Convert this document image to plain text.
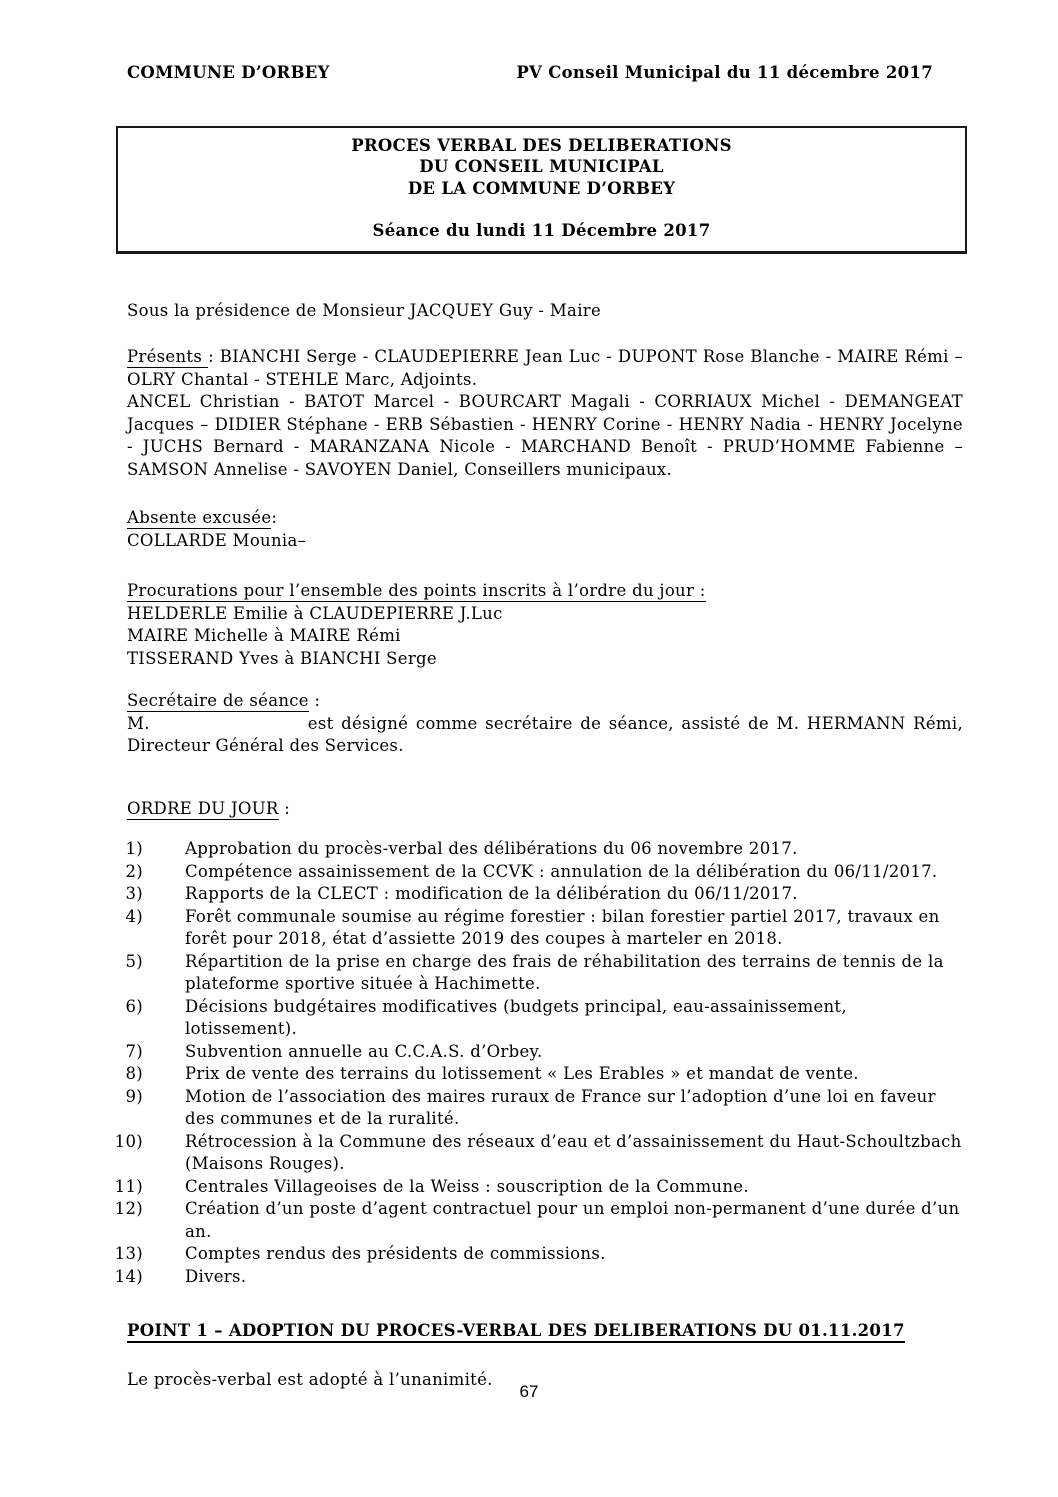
COMMUNE D’ORBEY	PV Conseil Municipal du 11 décembre 2017
PROCES VERBAL DES DELIBERATIONS
DU CONSEIL MUNICIPAL
DE LA COMMUNE D’ORBEY
Séance du lundi 11 Décembre 2017
Sous la présidence de Monsieur JACQUEY Guy - Maire
Présents : BIANCHI Serge - CLAUDEPIERRE Jean Luc - DUPONT Rose Blanche - MAIRE Rémi – OLRY Chantal - STEHLE Marc, Adjoints.
ANCEL Christian - BATOT Marcel - BOURCART Magali - CORRIAUX Michel - DEMANGEAT Jacques – DIDIER Stéphane - ERB Sébastien - HENRY Corine - HENRY Nadia - HENRY Jocelyne - JUCHS Bernard - MARANZANA Nicole - MARCHAND Benoît - PRUD’HOMME Fabienne – SAMSON Annelise - SAVOYEN Daniel, Conseillers municipaux.
Absente excusée:
COLLARDE Mounia–
Procurations pour l’ensemble des points inscrits à l’ordre du jour :
HELDERLE Emilie à CLAUDEPIERRE J.Luc
MAIRE Michelle à MAIRE Rémi
TISSERAND Yves à BIANCHI Serge
Secrétaire de séance :
M.	est désigné comme secrétaire de séance, assisté de M. HERMANN Rémi, Directeur Général des Services.
ORDRE DU JOUR :
1)	Approbation du procès-verbal des délibérations du 06 novembre 2017.
2)	Compétence assainissement de la CCVK : annulation de la délibération du 06/11/2017.
3)	Rapports de la CLECT : modification de la délibération du 06/11/2017.
4)	Forêt communale soumise au régime forestier : bilan forestier partiel 2017, travaux en forêt pour 2018, état d’assiette 2019 des coupes à marteler en 2018.
5)	Répartition de la prise en charge des frais de réhabilitation des terrains de tennis de la plateforme sportive située à Hachimette.
6)	Décisions budgétaires modificatives (budgets principal, eau-assainissement, lotissement).
7)	Subvention annuelle au C.C.A.S. d’Orbey.
8)	Prix de vente des terrains du lotissement « Les Erables » et mandat de vente.
9)	Motion de l’association des maires ruraux de France sur l’adoption d’une loi en faveur des communes et de la ruralité.
10)	Rétrocession à la Commune des réseaux d’eau et d’assainissement du Haut-Schoultzbach (Maisons Rouges).
11)	Centrales Villageoises de la Weiss : souscription de la Commune.
12)	Création d’un poste d’agent contractuel pour un emploi non-permanent d’une durée d’un an.
13)	Comptes rendus des présidents de commissions.
14)	Divers.
POINT 1 – ADOPTION DU PROCES-VERBAL DES DELIBERATIONS DU 01.11.2017
Le procès-verbal est adopté à l’unanimité.
67
